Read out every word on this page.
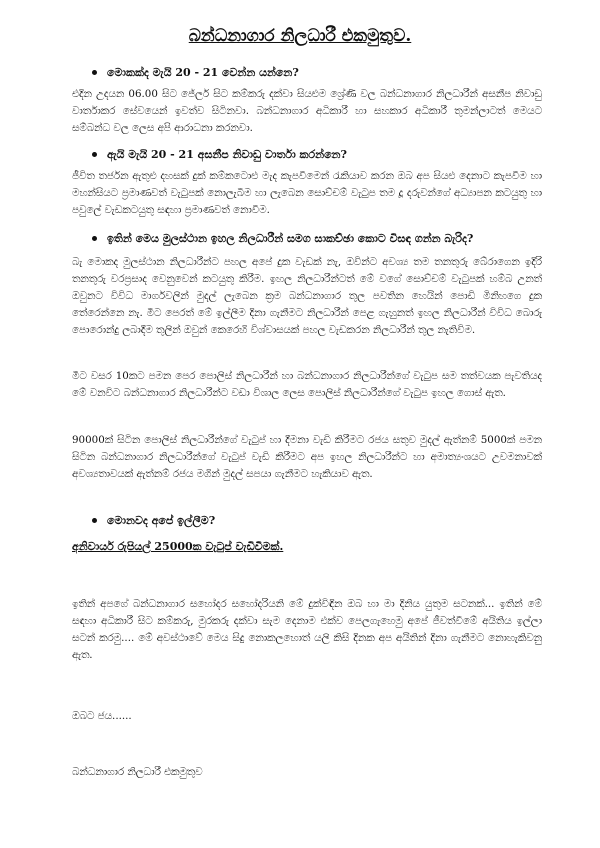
බන්ධනාගාර නිලධාරී එකමුතුව.
මොකක්ද මැයි 20 - 21 වෙන්න යන්නෙ?

එදින උදයන 06.00 සිට ජේලර් සිට කම්කරු දක්වා සියළුම ශ්‍රේණි වල බන්ධනාගාර නිලධාරීන් අසනීප නිවාඩු වාර්තාකර සේවයෙන් ඉවත්ව සිටිනවා. බන්ධනාගාර අධිකාරී හා සහකාර අධිකාරී තුමන්ලාටත් මෙයට සම්බන්ධ වල ලෙස අපි ආරාධනා කරනවා.

ඇයි මැයි 20 - 21 අසනීප නිවාඩු වාර්තා කරන්නෙ?

ජීවිත තර්ජන ඇතුළු දහසක් දුක් කම්කටොළු මැද කැපවීමෙන් රැකියාව කරන ඔබ අප සියළු දෙනාට කැපවීම හා මහන්සියට ප්‍රමාණවත් වැටුපක් නොලැබීම හා ලැබෙන සොච්චම් වැටුප තම දූ දරුවන්ගේ අධ්‍යාපන කටයුතු හා පවුලේ වැඩකටයුතු සඳහා ප්‍රමාණවත් නොවීම.

ඉතින් මෙය මුලස්ථාන ඉහල නිලධාරීන් සමග සාකච්ඡා කොට විසඳ ගන්න බැරිද?

බැ මොකද මුලස්ථාන නිලධාරීන්ට පහල අපේ දුක වැඩක් නැ, ඔවින්ට අවශ්‍ය තම තනතුරු බේරාගෙන ඉදිරි තනතුරු වරප්‍රසාද වෙනුවෙන් කටයුතු කිරීම. ඉහල නිලධාරීන්ටත් මේ වගේ සොච්චම් වැටුපක් හම්බ උනත් ඔවුනට විවිධ මාර්ගවලින් මුදල් ලැබෙන ක්‍රම බන්ධනාගාර තුල පවතින හෙයින් පොඩි මිනිහගෙ දුක තේරෙන්නෙ නැ. මීට පෙරත් මේ ඉල්ලීම දිනා ගැනීමට නිලධාරීන් පෙළ ගැහුනත් ඉහල නිලධාරීන් විවිධ බොරු පොරොන්දු ලබාදීම තුලින් ඔවුන් කෙරෙහි විශ්වාසයක් පහල වැඩකරන නිලධාරීන් තුල නැතිවිම.

මීට වසර 10කට පමන පෙර පොලිස් නිලධාරීන් හා බන්ධනාගාර නිලධාරීන්ගේ වැටුප සම තත්වයක පැවතියද මේ වනවිට බන්ධනාගාර නිලධාරීන්ට වඩා විශාල ලෙස පොලිස් නිලධාරීන්ගේ වැටුප ඉහල ගොස් ඇත.

90000ක් සිටින පොලිස් නිලධාරීන්ගේ වැටුප් හා දීමනා වැඩි කිරීමට රජය සතුව මුදල් ඇත්නම් 5000ක් පමන සිටින බන්ධනාගාර නිලධාරීන්ගේ වැටුප් වැඩි කිරීමට අප ඉහල නිලධාරීන්ට හා අමාත්‍යංශයට උවමනාවක් අවශ්‍යතාවයක් ඇත්නම් රජය මගින් මුදල් සපයා ගැනීමට හැකියාව ඇත.

මොනවද අපේ ඉල්ලීම?
අනිවාර්ය රුපියල් 25000ක වැටුප් වැඩිවීමක්.

ඉතින් අපගේ බන්ධනාගාර සහෝදර සහෝදරියනි මේ දුක්විඳින ඔබ හා මා දිනිය යුතුම සටනක්... ඉතින් මේ සඳහා අධිකාරී සිට කම්කරු, මුරකරු දක්වා සැම දෙනාම එක්ව පෙලගැහෙමු අපේ ජීවත්වීමේ අයිතිය ඉල්ලා සටන් කරමු.... මේ අවස්ථාවේ මෙය සිදු නොකලහොත් යලි කිසි දිනක අප අයිතින් දිනා ගැනීමට නොහැකිවනු ඇත.

ඔබට ජය......
බන්ධනාගාර නිලධාරී එකමුතුව
